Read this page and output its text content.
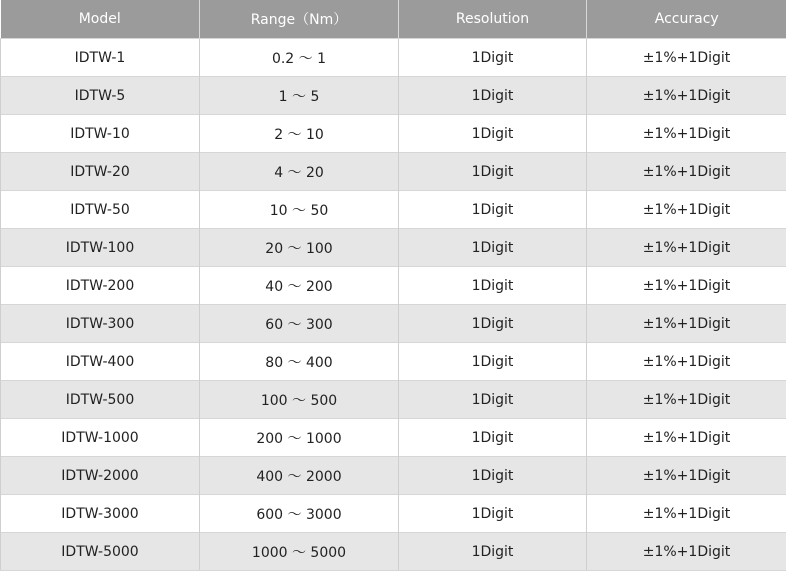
Model	Range（Nm）	Resolution	Accuracy
IDTW-1	0.2 ～ 1	1Digit	±1%+1Digit
IDTW-5	1 ～ 5	1Digit	±1%+1Digit
IDTW-10	2 ～ 10	1Digit	±1%+1Digit
IDTW-20	4 ～ 20	1Digit	±1%+1Digit
IDTW-50	10 ～ 50	1Digit	±1%+1Digit
IDTW-100	20 ～ 100	1Digit	±1%+1Digit
IDTW-200	40 ～ 200	1Digit	±1%+1Digit
IDTW-300	60 ～ 300	1Digit	±1%+1Digit
IDTW-400	80 ～ 400	1Digit	±1%+1Digit
IDTW-500	100 ～ 500	1Digit	±1%+1Digit
IDTW-1000	200 ～ 1000	1Digit	±1%+1Digit
IDTW-2000	400 ～ 2000	1Digit	±1%+1Digit
IDTW-3000	600 ～ 3000	1Digit	±1%+1Digit
IDTW-5000	1000 ～ 5000	1Digit	±1%+1Digit
